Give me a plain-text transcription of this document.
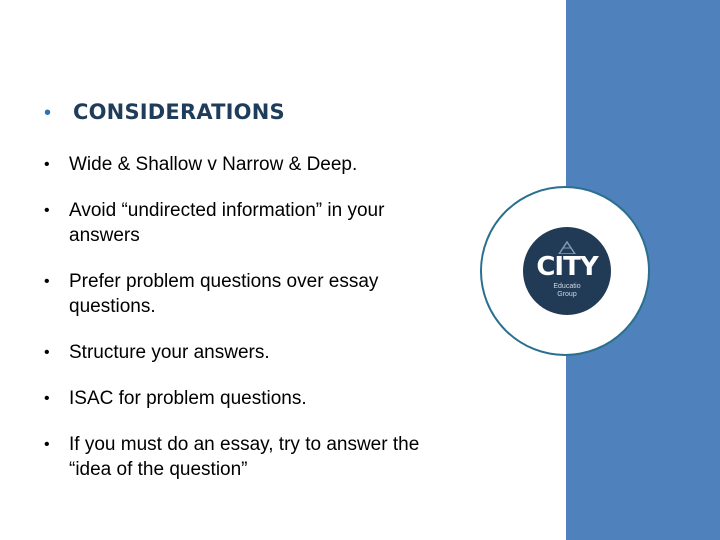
•	CONSIDERATIONS
•	Wide & Shallow v Narrow & Deep.
•	Avoid “undirected information” in your answers
•	Prefer problem questions over essay questions.
•	Structure your answers.
•	ISAC for problem questions.
•	If you must do an essay, try to answer the “idea of the question”
CITY
Educatio
Group
